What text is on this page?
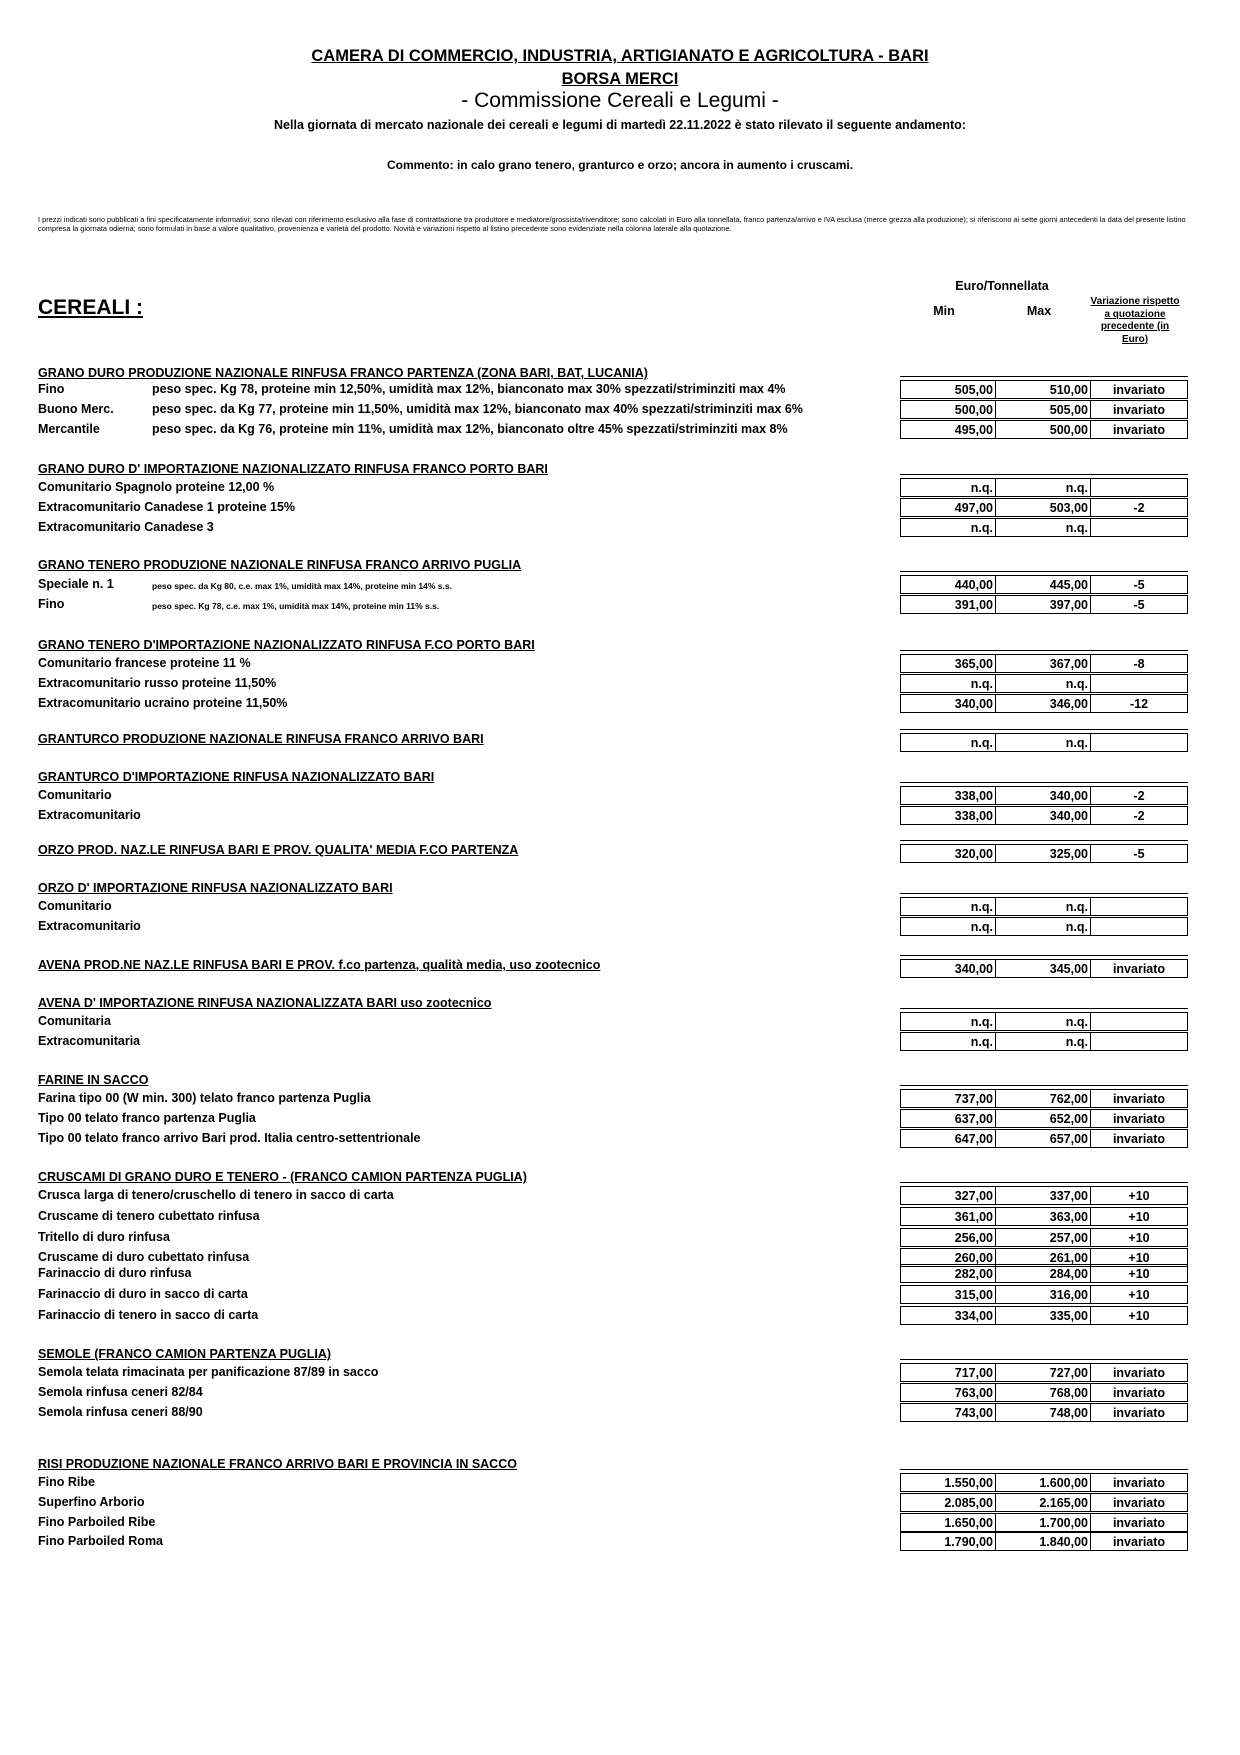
CAMERA DI COMMERCIO, INDUSTRIA, ARTIGIANATO E AGRICOLTURA - BARI
BORSA MERCI
- Commissione Cereali e Legumi -
Nella giornata di mercato nazionale dei cereali e legumi di martedì 22.11.2022 è stato rilevato il seguente andamento:
Commento: in calo grano tenero, granturco e orzo; ancora in aumento i cruscami.
I prezzi indicati sono pubblicati a fini specificatamente informativi; sono rilevati con riferimento esclusivo alla fase di contrattazione tra produttore e mediatore/grossista/rivenditore; sono calcolati in Euro alla tonnellata, franco partenza/arrivo e IVA esclusa (merce grezza alla produzione); si riferiscono ai sette giorni antecedenti la data del presente listino compresa la giornata odierna; sono formulati in base a valore qualitativo, provenienza e varietà del prodotto. Novità e variazioni rispetto al listino precedente sono evidenziate nella colonna laterale alla quotazione.
Euro/Tonnellata
CEREALI :	Min	Max
Variazione rispetto a quotazione precedente (in Euro)
GRANO DURO PRODUZIONE NAZIONALE RINFUSA FRANCO PARTENZA (ZONA BARI, BAT, LUCANIA)
Fino	peso spec. Kg 78, proteine min 12,50%, umidità max 12%, bianconato max 30% spezzati/striminziti max 4%	505,00	510,00	invariato
Buono Merc.	peso spec. da Kg 77, proteine min 11,50%, umidità max 12%, bianconato max 40% spezzati/striminziti max 6%	500,00	505,00	invariato
Mercantile	peso spec. da Kg 76, proteine min 11%, umidità max 12%, bianconato oltre 45% spezzati/striminziti max 8%	495,00	500,00	invariato
GRANO DURO D' IMPORTAZIONE NAZIONALIZZATO RINFUSA FRANCO PORTO BARI
Comunitario Spagnolo proteine 12,00 %	n.q.	n.q.
Extracomunitario Canadese 1 proteine 15%	497,00	503,00	-2
Extracomunitario Canadese 3	n.q.	n.q.
GRANO TENERO PRODUZIONE NAZIONALE RINFUSA FRANCO ARRIVO PUGLIA
Speciale n. 1	peso spec. da Kg 80, c.e. max 1%, umidità max 14%, proteine min 14% s.s.	440,00	445,00	-5
Fino	peso spec. Kg 78, c.e. max 1%, umidità max 14%, proteine min 11% s.s.	391,00	397,00	-5
GRANO TENERO D'IMPORTAZIONE NAZIONALIZZATO RINFUSA F.CO PORTO BARI
Comunitario francese proteine 11 %	365,00	367,00	-8
Extracomunitario russo proteine 11,50%	n.q.	n.q.
Extracomunitario ucraino proteine 11,50%	340,00	346,00	-12
GRANTURCO PRODUZIONE NAZIONALE RINFUSA FRANCO ARRIVO BARI	n.q.	n.q.
GRANTURCO D'IMPORTAZIONE RINFUSA NAZIONALIZZATO BARI
Comunitario	338,00	340,00	-2
Extracomunitario	338,00	340,00	-2
ORZO PROD. NAZ.LE RINFUSA BARI E PROV. QUALITA' MEDIA F.CO PARTENZA	320,00	325,00	-5
ORZO D' IMPORTAZIONE RINFUSA NAZIONALIZZATO BARI
Comunitario	n.q.	n.q.
Extracomunitario	n.q.	n.q.
AVENA PROD.NE NAZ.LE RINFUSA BARI E PROV. f.co partenza, qualità media, uso zootecnico	340,00	345,00	invariato
AVENA D' IMPORTAZIONE RINFUSA NAZIONALIZZATA BARI uso zootecnico
Comunitaria	n.q.	n.q.
Extracomunitaria	n.q.	n.q.
FARINE IN SACCO
Farina tipo 00 (W min. 300) telato franco partenza Puglia	737,00	762,00	invariato
Tipo 00 telato franco partenza Puglia	637,00	652,00	invariato
Tipo 00 telato franco arrivo Bari prod. Italia centro-settentrionale	647,00	657,00	invariato
CRUSCAMI DI GRANO DURO E TENERO - (FRANCO CAMION PARTENZA PUGLIA)
Crusca larga di tenero/cruschello di tenero in sacco di carta	327,00	337,00	+10
Cruscame di tenero cubettato rinfusa	361,00	363,00	+10
Tritello di duro rinfusa	256,00	257,00	+10
Cruscame di duro cubettato rinfusa	260,00	261,00	+10
Farinaccio di duro rinfusa	282,00	284,00	+10
Farinaccio di duro in sacco di carta	315,00	316,00	+10
Farinaccio di tenero in sacco di carta	334,00	335,00	+10
SEMOLE (FRANCO CAMION PARTENZA PUGLIA)
Semola telata rimacinata per panificazione 87/89 in sacco	717,00	727,00	invariato
Semola rinfusa ceneri 82/84	763,00	768,00	invariato
Semola rinfusa ceneri 88/90	743,00	748,00	invariato
RISI PRODUZIONE NAZIONALE FRANCO ARRIVO BARI E PROVINCIA IN SACCO
Fino Ribe	1.550,00	1.600,00	invariato
Superfino Arborio	2.085,00	2.165,00	invariato
Fino Parboiled Ribe	1.650,00	1.700,00	invariato
Fino Parboiled Roma	1.790,00	1.840,00	invariato
